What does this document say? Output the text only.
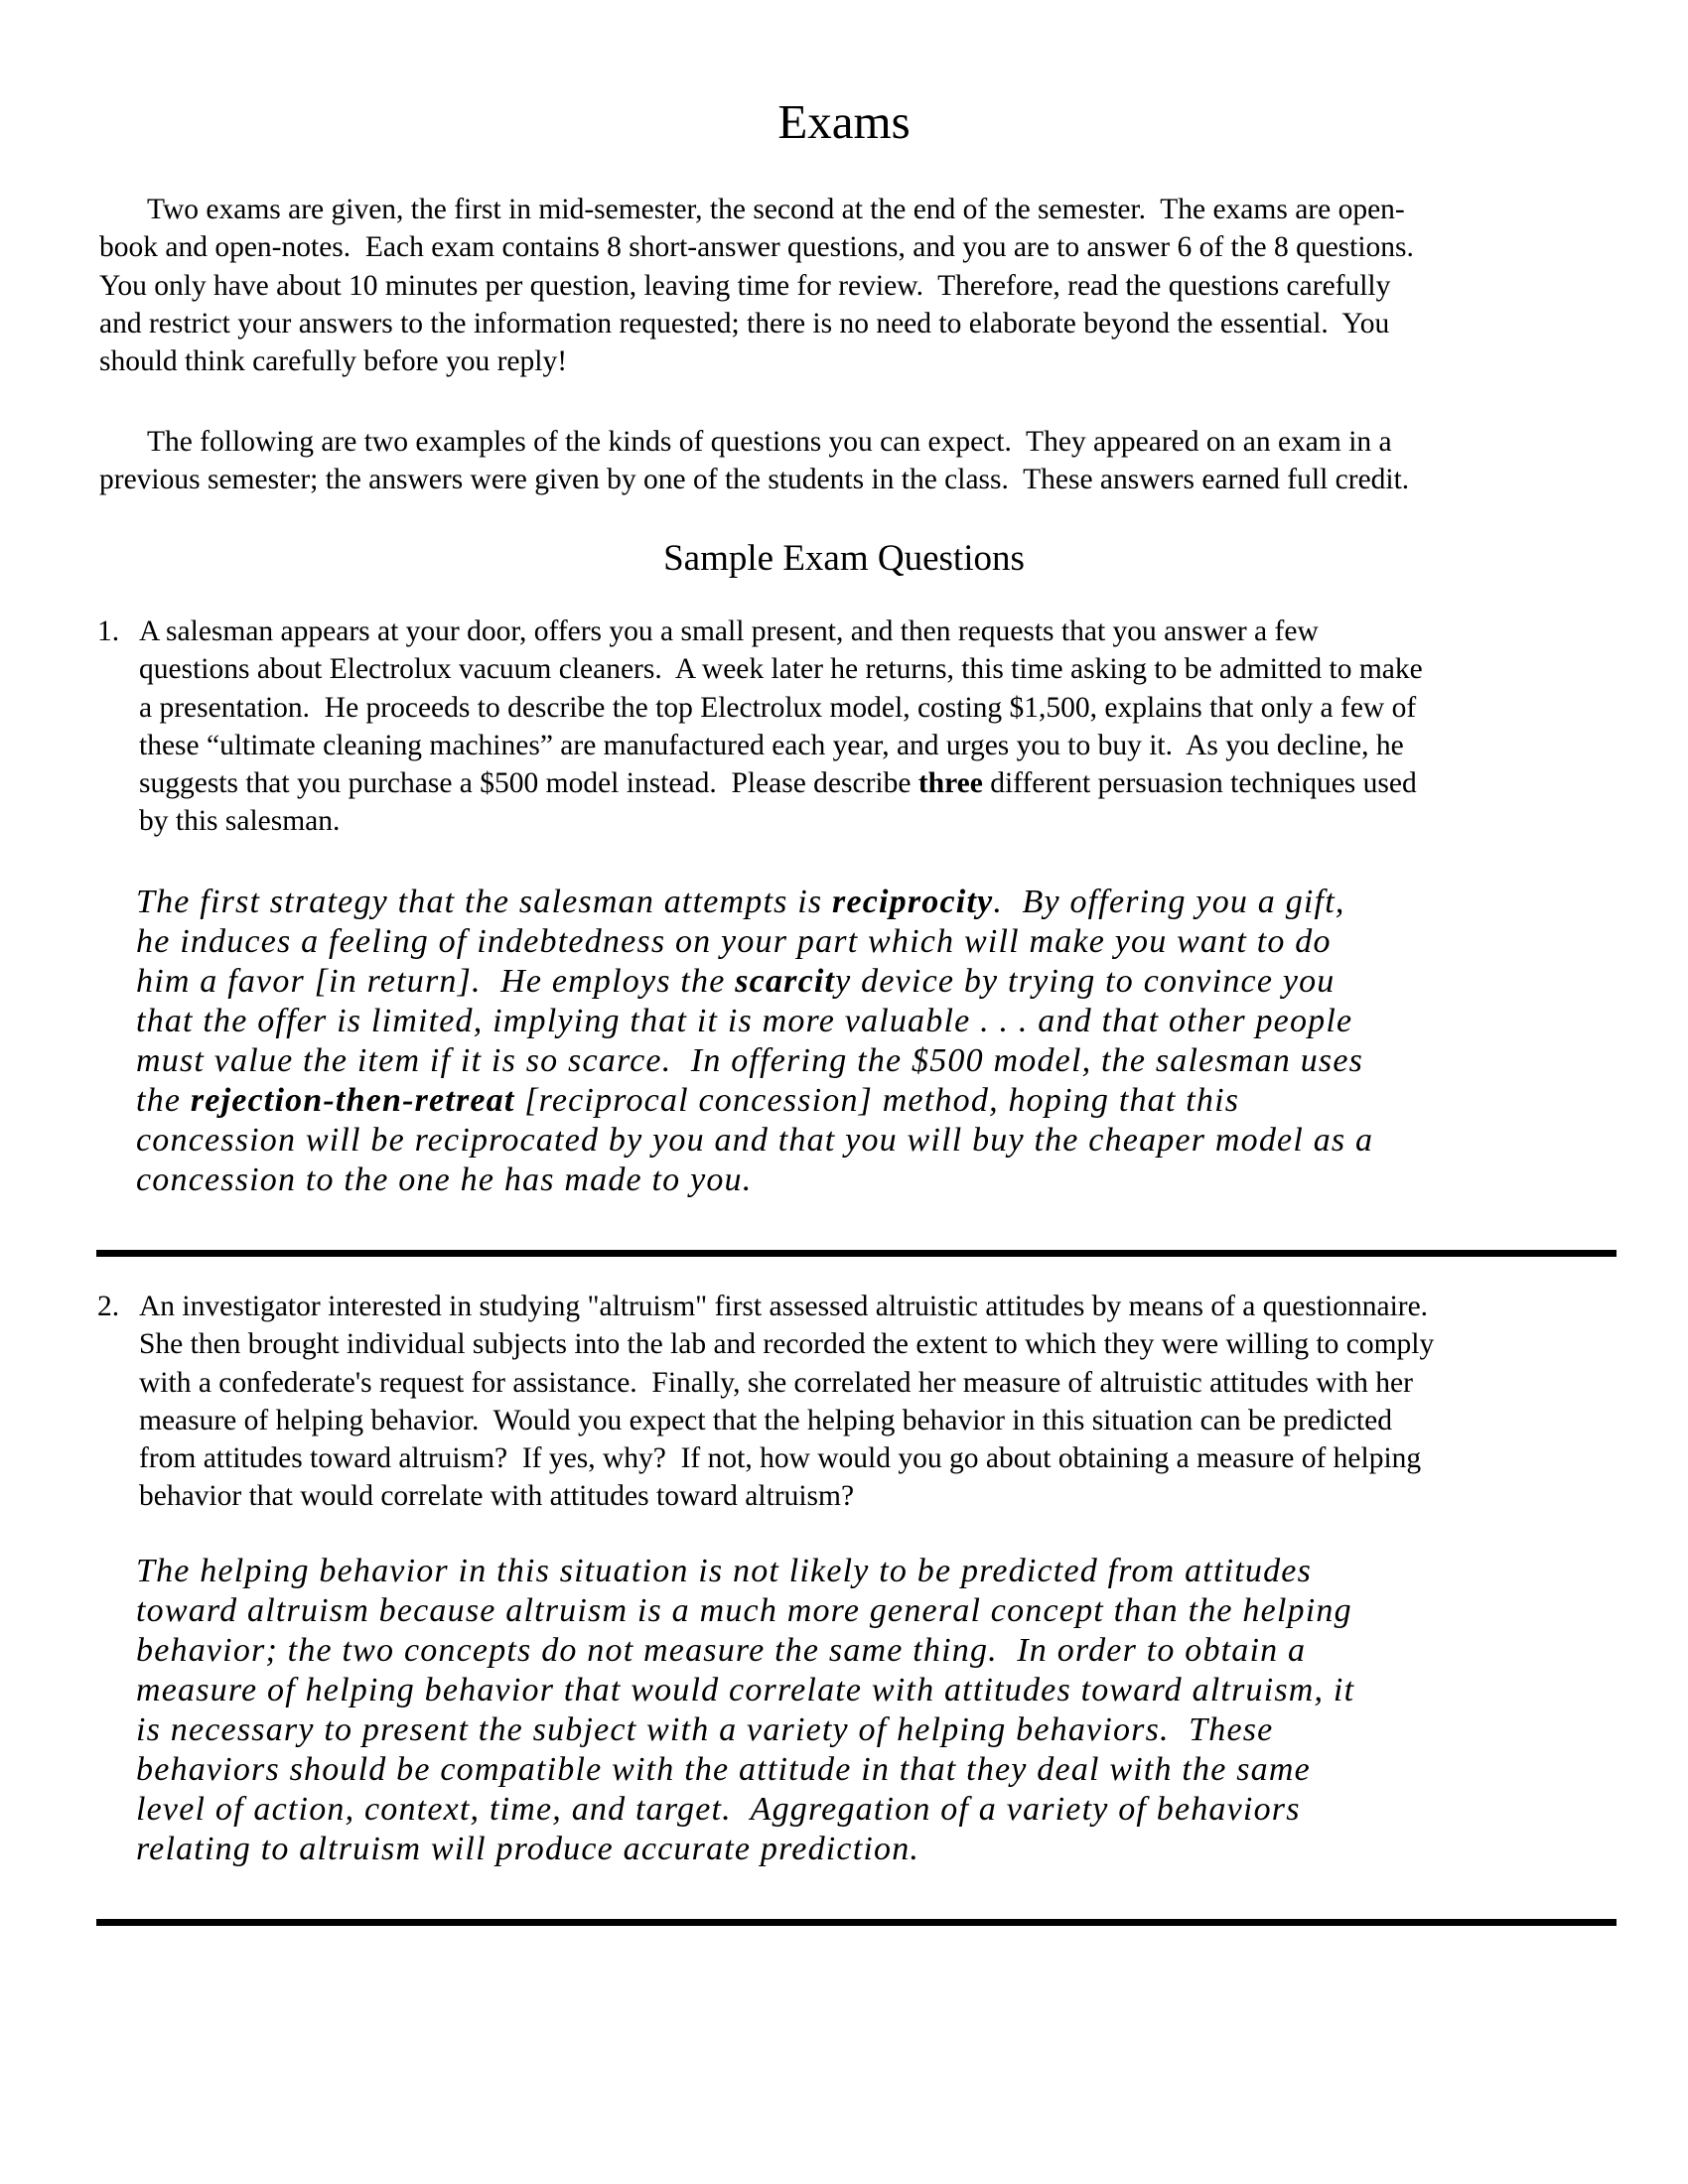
Exams
Two exams are given, the first in mid-semester, the second at the end of the semester.  The exams are open-
book and open-notes.  Each exam contains 8 short-answer questions, and you are to answer 6 of the 8 questions.
You only have about 10 minutes per question, leaving time for review.  Therefore, read the questions carefully
and restrict your answers to the information requested; there is no need to elaborate beyond the essential.  You
should think carefully before you reply!
The following are two examples of the kinds of questions you can expect.  They appeared on an exam in a
previous semester; the answers were given by one of the students in the class.  These answers earned full credit.
Sample Exam Questions
1. A salesman appears at your door, offers you a small present, and then requests that you answer a few
questions about Electrolux vacuum cleaners.  A week later he returns, this time asking to be admitted to make
a presentation.  He proceeds to describe the top Electrolux model, costing $1,500, explains that only a few of
these “ultimate cleaning machines” are manufactured each year, and urges you to buy it.  As you decline, he
suggests that you purchase a $500 model instead.  Please describe three different persuasion techniques used
by this salesman.
The first strategy that the salesman attempts is reciprocity.  By offering you a gift,
he induces a feeling of indebtedness on your part which will make you want to do
him a favor [in return].  He employs the scarcity device by trying to convince you
that the offer is limited, implying that it is more valuable . . . and that other people
must value the item if it is so scarce.  In offering the $500 model, the salesman uses
the rejection-then-retreat [reciprocal concession] method, hoping that this
concession will be reciprocated by you and that you will buy the cheaper model as a
concession to the one he has made to you.
2. An investigator interested in studying "altruism" first assessed altruistic attitudes by means of a questionnaire.
She then brought individual subjects into the lab and recorded the extent to which they were willing to comply
with a confederate's request for assistance.  Finally, she correlated her measure of altruistic attitudes with her
measure of helping behavior.  Would you expect that the helping behavior in this situation can be predicted
from attitudes toward altruism?  If yes, why?  If not, how would you go about obtaining a measure of helping
behavior that would correlate with attitudes toward altruism?
The helping behavior in this situation is not likely to be predicted from attitudes
toward altruism because altruism is a much more general concept than the helping
behavior; the two concepts do not measure the same thing.  In order to obtain a
measure of helping behavior that would correlate with attitudes toward altruism, it
is necessary to present the subject with a variety of helping behaviors.  These
behaviors should be compatible with the attitude in that they deal with the same
level of action, context, time, and target.  Aggregation of a variety of behaviors
relating to altruism will produce accurate prediction.
